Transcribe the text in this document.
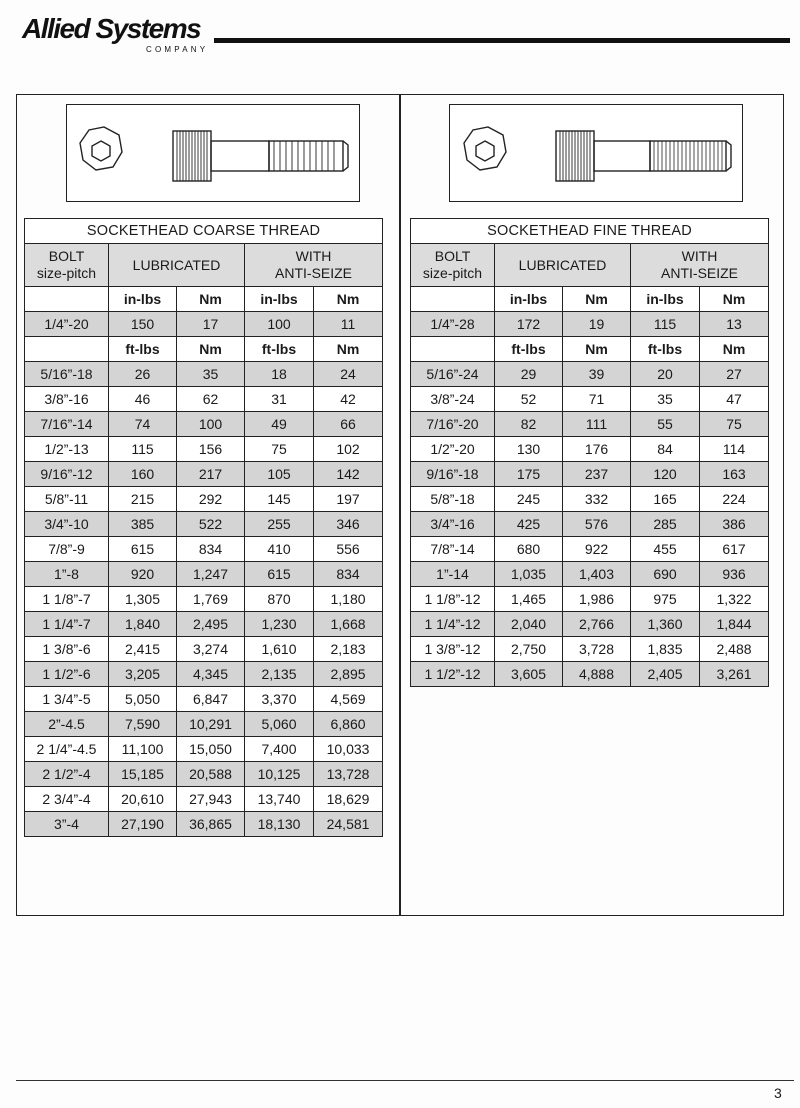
Allied Systems
COMPANY
SOCKETHEAD COARSE THREAD				
BOLT
size-pitch	LUBRICATED		WITH
ANTI-SEIZE	
	in-lbs	Nm	in-lbs	Nm
1/4”-20	150	17	100	11
	ft-lbs	Nm	ft-lbs	Nm
5/16”-18	26	35	18	24
3/8”-16	46	62	31	42
7/16”-14	74	100	49	66
1/2”-13	115	156	75	102
9/16”-12	160	217	105	142
5/8”-11	215	292	145	197
3/4”-10	385	522	255	346
7/8”-9	615	834	410	556
1”-8	920	1,247	615	834
1 1/8”-7	1,305	1,769	870	1,180
1 1/4”-7	1,840	2,495	1,230	1,668
1 3/8”-6	2,415	3,274	1,610	2,183
1 1/2”-6	3,205	4,345	2,135	2,895
1 3/4”-5	5,050	6,847	3,370	4,569
2”-4.5	7,590	10,291	5,060	6,860
2 1/4”-4.5	11,100	15,050	7,400	10,033
2 1/2”-4	15,185	20,588	10,125	13,728
2 3/4”-4	20,610	27,943	13,740	18,629
3”-4	27,190	36,865	18,130	24,581
SOCKETHEAD FINE THREAD				
BOLT
size-pitch	LUBRICATED		WITH
ANTI-SEIZE	
	in-lbs	Nm	in-lbs	Nm
1/4”-28	172	19	115	13
	ft-lbs	Nm	ft-lbs	Nm
5/16”-24	29	39	20	27
3/8”-24	52	71	35	47
7/16”-20	82	111	55	75
1/2”-20	130	176	84	114
9/16”-18	175	237	120	163
5/8”-18	245	332	165	224
3/4”-16	425	576	285	386
7/8”-14	680	922	455	617
1”-14	1,035	1,403	690	936
1 1/8”-12	1,465	1,986	975	1,322
1 1/4”-12	2,040	2,766	1,360	1,844
1 3/8”-12	2,750	3,728	1,835	2,488
1 1/2”-12	3,605	4,888	2,405	3,261
3
